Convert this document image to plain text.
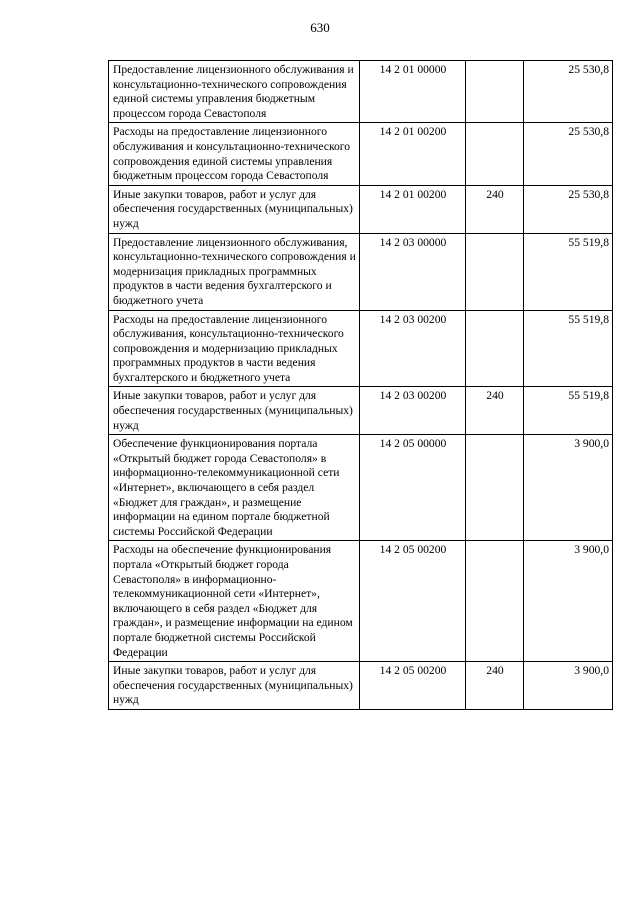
630
Предоставление лицензионного обслуживания и консультационно-технического сопровождения единой системы управления бюджетным процессом города Севастополя	14 2 01 00000		25 530,8
Расходы на предоставление лицензионного обслуживания и консультационно-технического сопровождения единой системы управления бюджетным процессом города Севастополя	14 2 01 00200		25 530,8
Иные закупки товаров, работ и услуг для обеспечения государственных (муниципальных) нужд	14 2 01 00200	240	25 530,8
Предоставление лицензионного обслуживания, консультационно-технического сопровождения и модернизация прикладных программных продуктов в части ведения бухгалтерского и бюджетного учета	14 2 03 00000		55 519,8
Расходы на предоставление лицензионного обслуживания, консультационно-технического сопровождения и модернизацию прикладных программных продуктов в части ведения бухгалтерского и бюджетного учета	14 2 03 00200		55 519,8
Иные закупки товаров, работ и услуг для обеспечения государственных (муниципальных) нужд	14 2 03 00200	240	55 519,8
Обеспечение функционирования портала «Открытый бюджет города Севастополя» в информационно-телекоммуникационной сети «Интернет», включающего в себя раздел «Бюджет для граждан», и размещение информации на едином портале бюджетной системы Российской Федерации	14 2 05 00000		3 900,0
Расходы на обеспечение функционирования портала «Открытый бюджет города Севастополя» в информационно-телекоммуникационной сети «Интернет», включающего в себя раздел «Бюджет для граждан», и размещение информации на едином портале бюджетной системы Российской Федерации	14 2 05 00200		3 900,0
Иные закупки товаров, работ и услуг для обеспечения государственных (муниципальных) нужд	14 2 05 00200	240	3 900,0
